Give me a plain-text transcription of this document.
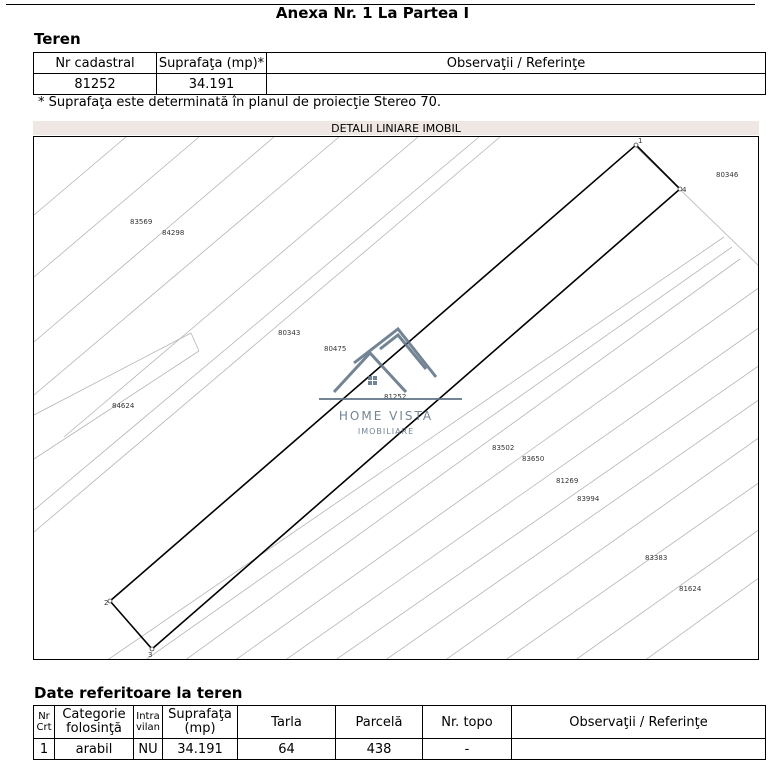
Anexa Nr. 1 La Partea I
Teren
Nr cadastral	Suprafaţa (mp)*	Observaţii / Referinţe
81252	34.191	
* Suprafaţa este determinată în planul de proiecţie Stereo 70.
DETALII LINIARE IMOBIL
1
2
3
4
83569
84298
80343
80475
84624
81252
83502
83650
81269
83994
83383
81624
80346
HOME VISTA
IMOBILIARE
Date referitoare la teren
Nr Crt	Categorie folosinţă	Intra vilan	Suprafaţa (mp)	Tarla	Parcelă	Nr. topo	Observaţii / Referinţe
1	arabil	NU	34.191	64	438	-	
